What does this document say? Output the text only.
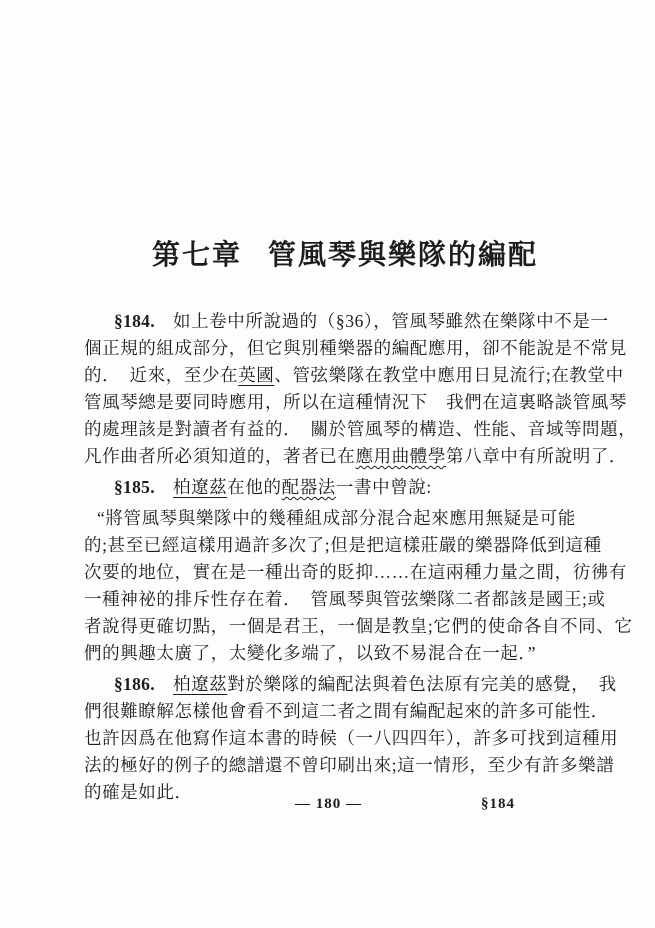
第七章 管風琴與樂隊的編配
§184.　如上卷中所說過的（§36），管風琴雖然在樂隊中不是一
個正規的組成部分，但它與別種樂器的編配應用，卻不能說是不常見
的．　近來，至少在英國、管弦樂隊在教堂中應用日見流行;在教堂中
管風琴總是要同時應用，所以在這種情況下　我們在這裏略談管風琴
的處理該是對讀者有益的．　關於管風琴的構造、性能、音域等問題，
凡作曲者所必須知道的，著者已在應用曲體學第八章中有所說明了．
§185.　 柏遼茲在他的配器法一書中曾說:
“將管風琴與樂隊中的幾種組成部分混合起來應用無疑是可能
的;甚至已經這樣用過許多次了;但是把這樣莊嚴的樂器降低到這種
次要的地位，實在是一種出奇的貶抑……在這兩種力量之間，彷彿有
一種神祕的排斥性存在着．　管風琴與管弦樂隊二者都該是國王;或
者說得更確切點，一個是君王，一個是教皇;它們的使命各自不同、它
們的興趣太廣了，太變化多端了，以致不易混合在一起．”
§186.　 柏遼茲對於樂隊的編配法與着色法原有完美的感覺，　我
們很難瞭解怎樣他會看不到這二者之間有編配起來的許多可能性．
也許因爲在他寫作這本書的時候（一八四四年），許多可找到這種用
法的極好的例子的總譜還不曾印刷出來;這一情形，至少有許多樂譜
的確是如此．
— 180 —	§184
